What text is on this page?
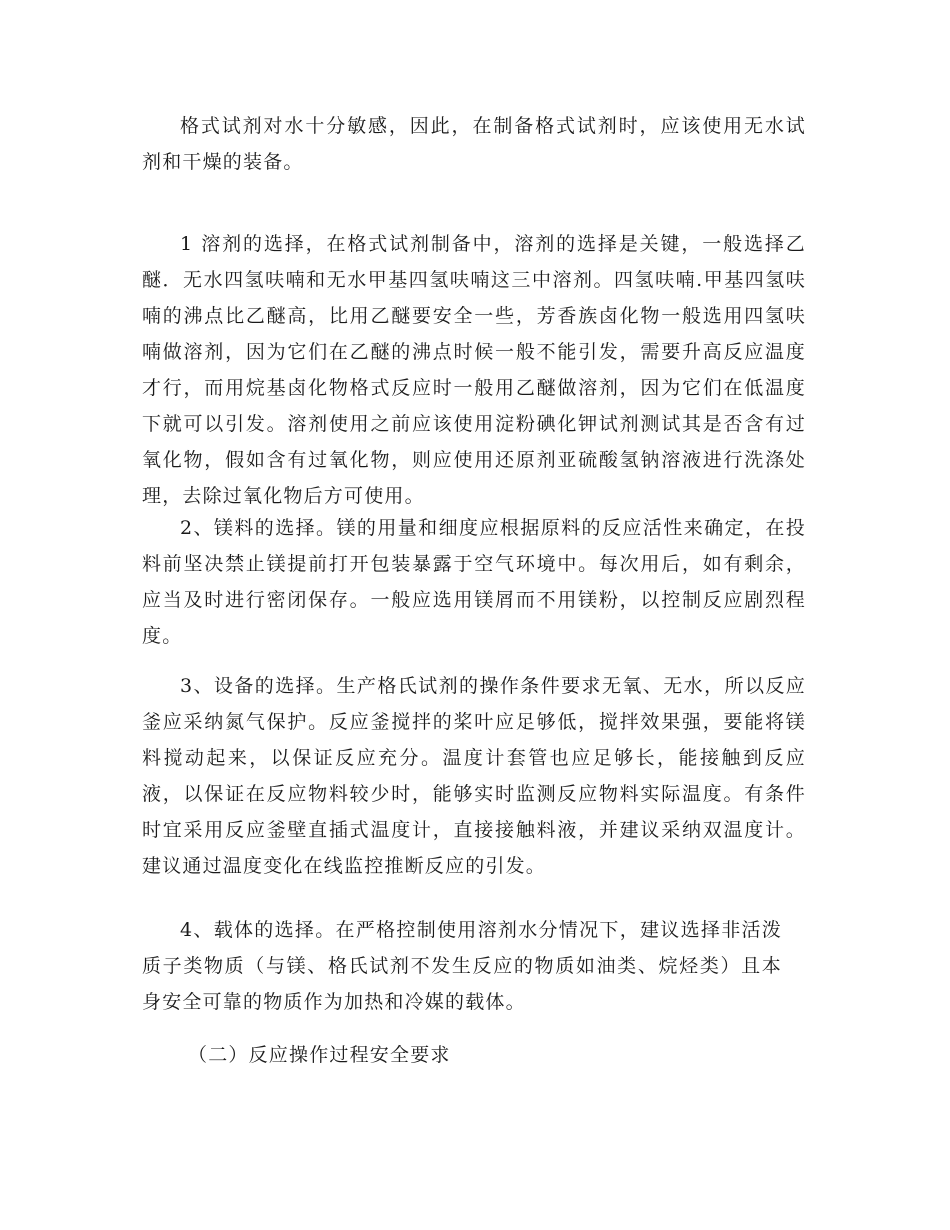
格式试剂对水十分敏感，因此，在制备格式试剂时，应该使用无水试剂和干燥的装备。

1 溶剂的选择，在格式试剂制备中，溶剂的选择是关键，一般选择乙醚．无水四氢呋喃和无水甲基四氢呋喃这三中溶剂。四氢呋喃.甲基四氢呋喃的沸点比乙醚高，比用乙醚要安全一些，芳香族卤化物一般选用四氢呋喃做溶剂，因为它们在乙醚的沸点时候一般不能引发，需要升高反应温度才行，而用烷基卤化物格式反应时一般用乙醚做溶剂，因为它们在低温度下就可以引发。溶剂使用之前应该使用淀粉碘化钾试剂测试其是否含有过氧化物，假如含有过氧化物，则应使用还原剂亚硫酸氢钠溶液进行洗涤处理，去除过氧化物后方可使用。

2、镁料的选择。镁的用量和细度应根据原料的反应活性来确定，在投料前坚决禁止镁提前打开包装暴露于空气环境中。每次用后，如有剩余，应当及时进行密闭保存。一般应选用镁屑而不用镁粉，以控制反应剧烈程度。

3、设备的选择。生产格氏试剂的操作条件要求无氧、无水，所以反应釜应采纳氮气保护。反应釜搅拌的桨叶应足够低，搅拌效果强，要能将镁料搅动起来，以保证反应充分。温度计套管也应足够长，能接触到反应液，以保证在反应物料较少时，能够实时监测反应物料实际温度。有条件时宜采用反应釜壁直插式温度计，直接接触料液，并建议采纳双温度计。建议通过温度变化在线监控推断反应的引发。

4、载体的选择。在严格控制使用溶剂水分情况下，建议选择非活泼质子类物质（与镁、格氏试剂不发生反应的物质如油类、烷烃类）且本身安全可靠的物质作为加热和冷媒的载体。

（二）反应操作过程安全要求
